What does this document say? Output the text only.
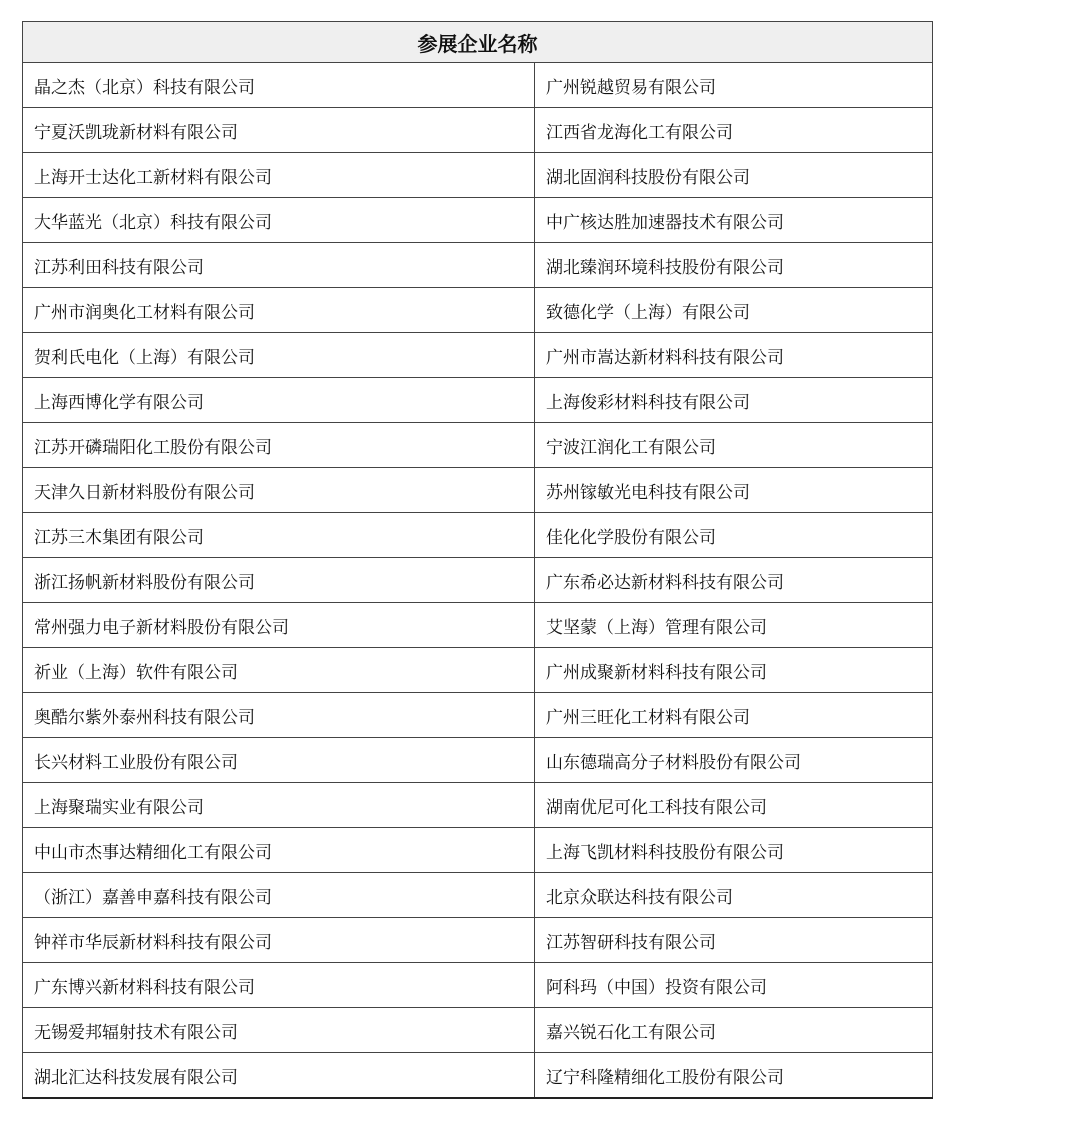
参展企业名称	
晶之杰（北京）科技有限公司	广州锐越贸易有限公司
宁夏沃凯珑新材料有限公司	江西省龙海化工有限公司
上海开士达化工新材料有限公司	湖北固润科技股份有限公司
大华蓝光（北京）科技有限公司	中广核达胜加速器技术有限公司
江苏利田科技有限公司	湖北臻润环境科技股份有限公司
广州市润奥化工材料有限公司	致德化学（上海）有限公司
贺利氏电化（上海）有限公司	广州市嵩达新材料科技有限公司
上海西博化学有限公司	上海俊彩材料科技有限公司
江苏开磷瑞阳化工股份有限公司	宁波江润化工有限公司
天津久日新材料股份有限公司	苏州镓敏光电科技有限公司
江苏三木集团有限公司	佳化化学股份有限公司
浙江扬帆新材料股份有限公司	广东希必达新材料科技有限公司
常州强力电子新材料股份有限公司	艾坚蒙（上海）管理有限公司
祈业（上海）软件有限公司	广州成聚新材料科技有限公司
奥酷尔紫外泰州科技有限公司	广州三旺化工材料有限公司
长兴材料工业股份有限公司	山东德瑞高分子材料股份有限公司
上海聚瑞实业有限公司	湖南优尼可化工科技有限公司
中山市杰事达精细化工有限公司	上海飞凯材料科技股份有限公司
（浙江）嘉善申嘉科技有限公司	北京众联达科技有限公司
钟祥市华辰新材料科技有限公司	江苏智研科技有限公司
广东博兴新材料科技有限公司	阿科玛（中国）投资有限公司
无锡爱邦辐射技术有限公司	嘉兴锐石化工有限公司
湖北汇达科技发展有限公司	辽宁科隆精细化工股份有限公司
